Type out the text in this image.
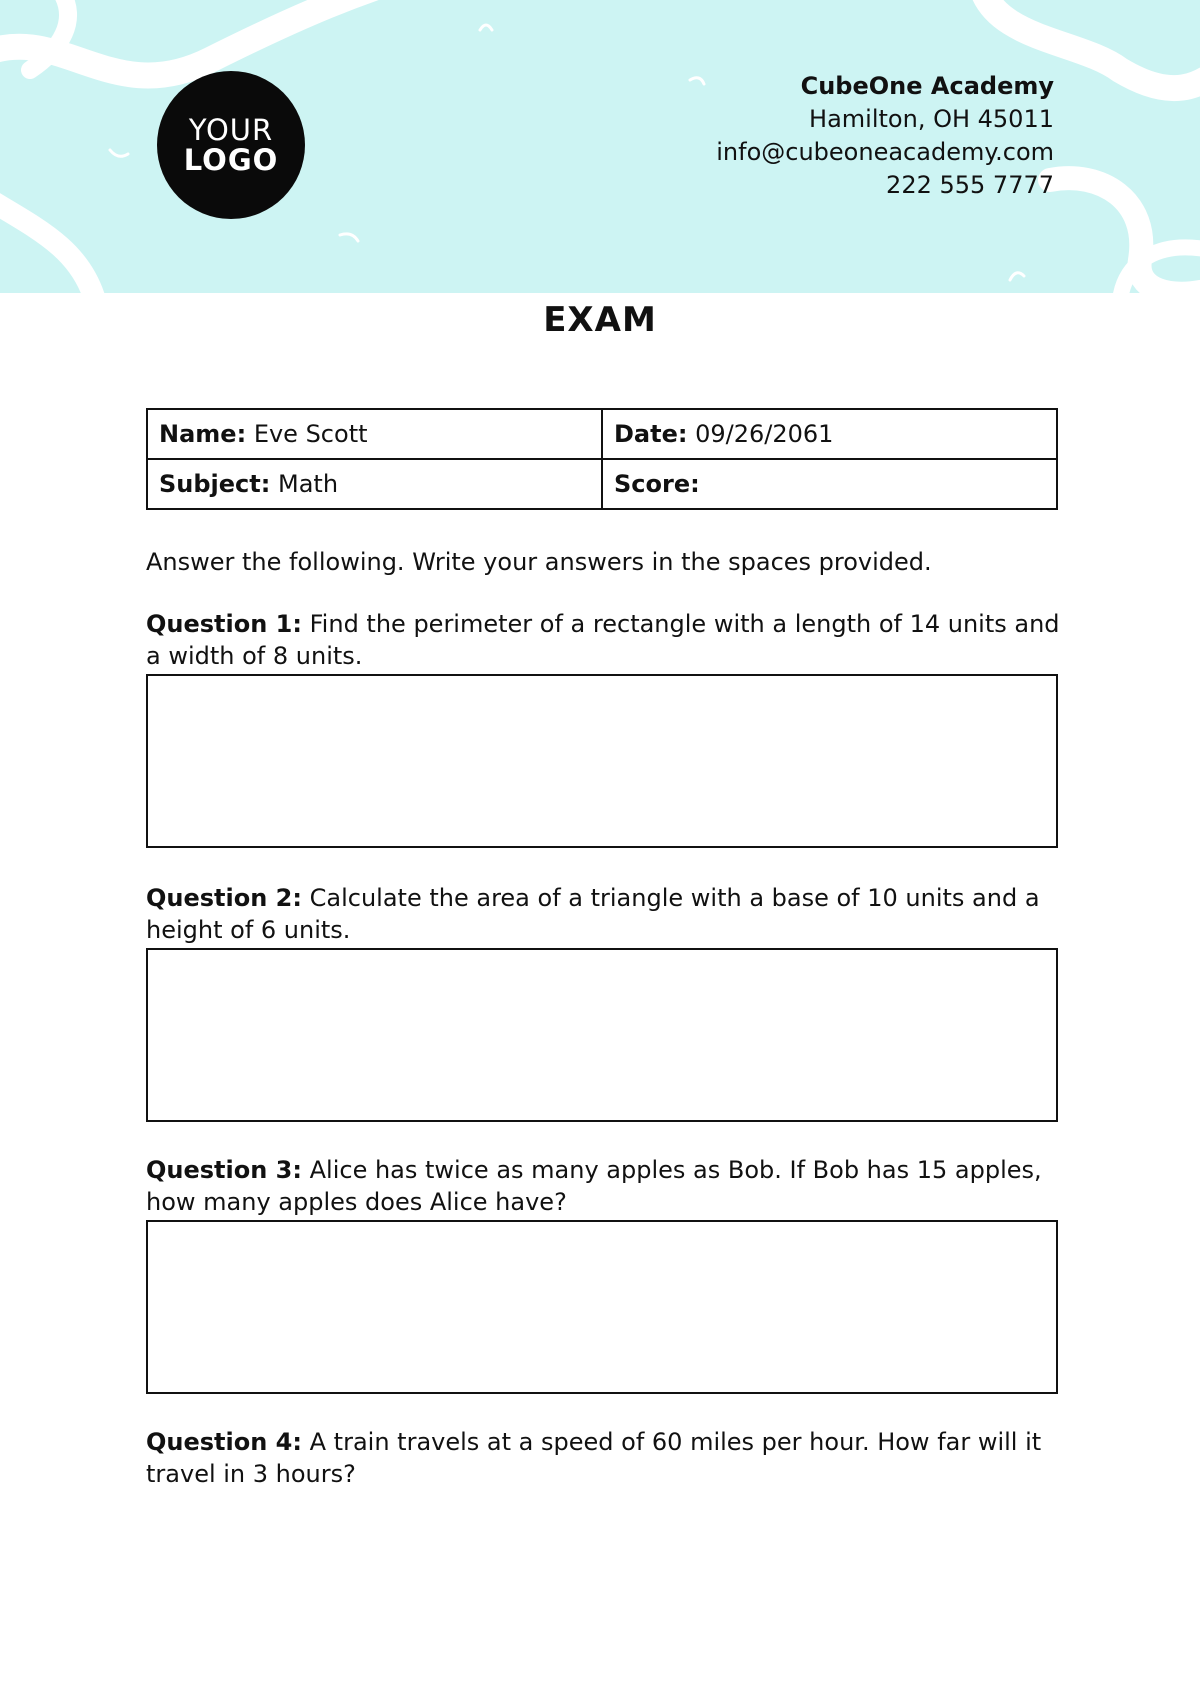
YOUR
LOGO
CubeOne Academy
Hamilton, OH 45011
info@cubeoneacademy.com
222 555 7777
EXAM
Name: Eve Scott	Date: 09/26/2061
Subject: Math	Score:
Answer the following. Write your answers in the spaces provided.
Question 1: Find the perimeter of a rectangle with a length of 14 units and a width of 8 units.
Question 2: Calculate the area of a triangle with a base of 10 units and a height of 6 units.
Question 3: Alice has twice as many apples as Bob. If Bob has 15 apples, how many apples does Alice have?
Question 4: A train travels at a speed of 60 miles per hour. How far will it travel in 3 hours?
